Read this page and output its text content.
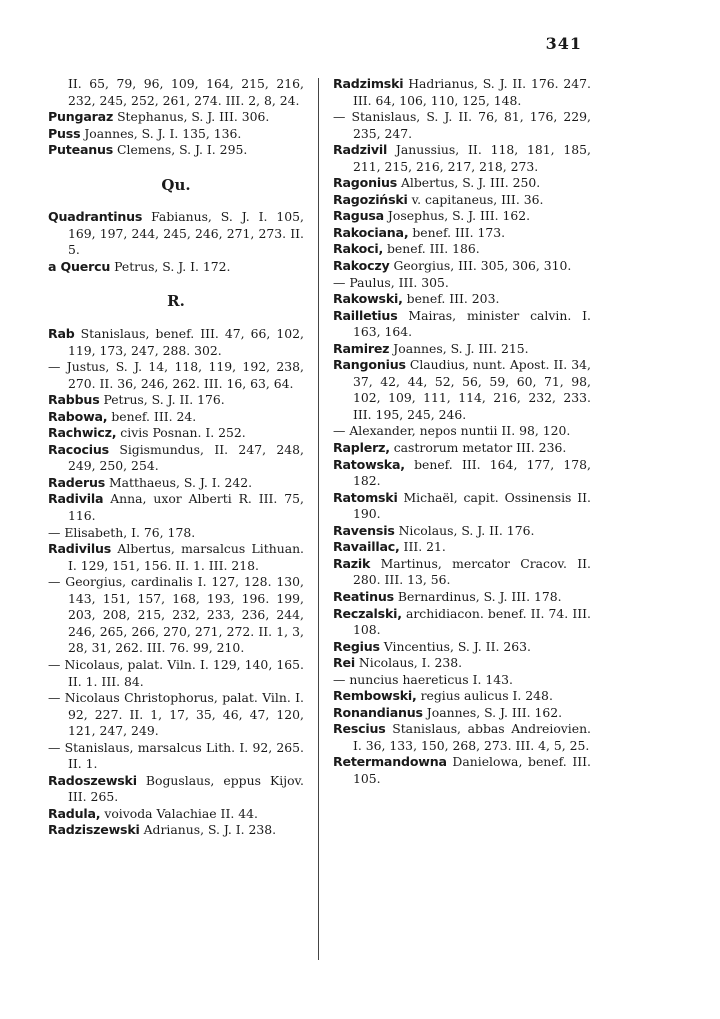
341

II. 65, 79, 96, 109, 164, 215, 216, 232, 245, 252, 261, 274. III. 2, 8, 24.

Pungaraz Stephanus, S. J. III. 306.

Puss Joannes, S. J. I. 135, 136.

Puteanus Clemens, S. J. I. 295.

Qu.

Quadrantinus Fabianus, S. J. I. 105, 169, 197, 244, 245, 246, 271, 273. II. 5.

a Quercu Petrus, S. J. I. 172.

R.

Rab Stanislaus, benef. III. 47, 66, 102, 119, 173, 247, 288. 302.

— Justus, S. J. 14, 118, 119, 192, 238, 270. II. 36, 246, 262. III. 16, 63, 64.

Rabbus Petrus, S. J. II. 176.

Rabowa, benef. III. 24.

Rachwicz, civis Posnan. I. 252.

Racocius Sigismundus, II. 247, 248, 249, 250, 254.

Raderus Matthaeus, S. J. I. 242.

Radivila Anna, uxor Alberti R. III. 75, 116.

— Elisabeth, I. 76, 178.

Radivilus Albertus, marsalcus Lithuan. I. 129, 151, 156. II. 1. III. 218.

— Georgius, cardinalis I. 127, 128. 130, 143, 151, 157, 168, 193, 196. 199, 203, 208, 215, 232, 233, 236, 244, 246, 265, 266, 270, 271, 272. II. 1, 3, 28, 31, 262. III. 76. 99, 210.

— Nicolaus, palat. Viln. I. 129, 140, 165. II. 1. III. 84.

— Nicolaus Christophorus, palat. Viln. I. 92, 227. II. 1, 17, 35, 46, 47, 120, 121, 247, 249.

— Stanislaus, marsalcus Lith. I. 92, 265. II. 1.

Radoszewski Boguslaus, eppus Kijov. III. 265.

Radula, voivoda Valachiae II. 44.

Radziszewski Adrianus, S. J. I. 238.

Radzimski Hadrianus, S. J. II. 176. 247. III. 64, 106, 110, 125, 148.

— Stanislaus, S. J. II. 76, 81, 176, 229, 235, 247.

Radzivil Janussius, II. 118, 181, 185, 211, 215, 216, 217, 218, 273.

Ragonius Albertus, S. J. III. 250.

Ragoziński v. capitaneus, III. 36.

Ragusa Josephus, S. J. III. 162.

Rakociana, benef. III. 173.

Rakoci, benef. III. 186.

Rakoczy Georgius, III. 305, 306, 310.

— Paulus, III. 305.

Rakowski, benef. III. 203.

Railletius Mairas, minister calvin. I. 163, 164.

Ramirez Joannes, S. J. III. 215.

Rangonius Claudius, nunt. Apost. II. 34, 37, 42, 44, 52, 56, 59, 60, 71, 98, 102, 109, 111, 114, 216, 232, 233. III. 195, 245, 246.

— Alexander, nepos nuntii II. 98, 120.

Raplerz, castrorum metator III. 236.

Ratowska, benef. III. 164, 177, 178, 182.

Ratomski Michaël, capit. Ossinensis II. 190.

Ravensis Nicolaus, S. J. II. 176.

Ravaillac, III. 21.

Razik Martinus, mercator Cracov. II. 280. III. 13, 56.

Reatinus Bernardinus, S. J. III. 178.

Reczalski, archidiacon. benef. II. 74. III. 108.

Regius Vincentius, S. J. II. 263.

Rei Nicolaus, I. 238.

— nuncius haereticus I. 143.

Rembowski, regius aulicus I. 248.

Ronandianus Joannes, S. J. III. 162.

Rescius Stanislaus, abbas Andreiovien. I. 36, 133, 150, 268, 273. III. 4, 5, 25.

Retermandowna Danielowa, benef. III. 105.
